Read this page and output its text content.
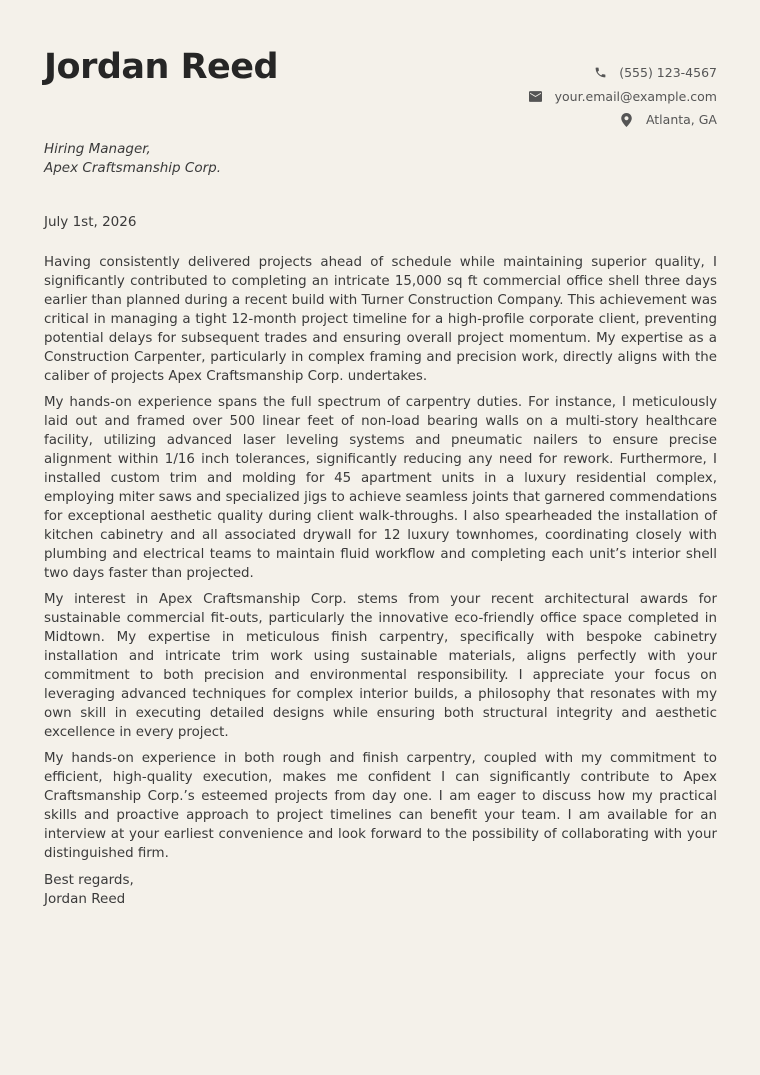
Jordan Reed	(555) 123-4567
your.email@example.com
Atlanta, GA
Hiring Manager,
Apex Craftsmanship Corp.
July 1st, 2026

Having consistently delivered projects ahead of schedule while maintaining superior quality, I significantly contributed to completing an intricate 15,000 sq ft commercial office shell three days earlier than planned during a recent build with Turner Construction Company. This achievement was critical in managing a tight 12-month project timeline for a high-profile corporate client, preventing potential delays for subsequent trades and ensuring overall project momentum. My expertise as a Construction Carpenter, particularly in complex framing and precision work, directly aligns with the caliber of projects Apex Craftsmanship Corp. undertakes.

My hands-on experience spans the full spectrum of carpentry duties. For instance, I meticulously laid out and framed over 500 linear feet of non-load bearing walls on a multi-story healthcare facility, utilizing advanced laser leveling systems and pneumatic nailers to ensure precise alignment within 1/16 inch tolerances, significantly reducing any need for rework. Furthermore, I installed custom trim and molding for 45 apartment units in a luxury residential complex, employing miter saws and specialized jigs to achieve seamless joints that garnered commendations for exceptional aesthetic quality during client walk-throughs. I also spearheaded the installation of kitchen cabinetry and all associated drywall for 12 luxury townhomes, coordinating closely with plumbing and electrical teams to maintain fluid workflow and completing each unit’s interior shell two days faster than projected.

My interest in Apex Craftsmanship Corp. stems from your recent architectural awards for sustainable commercial fit-outs, particularly the innovative eco-friendly office space completed in Midtown. My expertise in meticulous finish carpentry, specifically with bespoke cabinetry installation and intricate trim work using sustainable materials, aligns perfectly with your commitment to both precision and environmental responsibility. I appreciate your focus on leveraging advanced techniques for complex interior builds, a philosophy that resonates with my own skill in executing detailed designs while ensuring both structural integrity and aesthetic excellence in every project.

My hands-on experience in both rough and finish carpentry, coupled with my commitment to efficient, high-quality execution, makes me confident I can significantly contribute to Apex Craftsmanship Corp.’s esteemed projects from day one. I am eager to discuss how my practical skills and proactive approach to project timelines can benefit your team. I am available for an interview at your earliest convenience and look forward to the possibility of collaborating with your distinguished firm.

Best regards,
Jordan Reed
